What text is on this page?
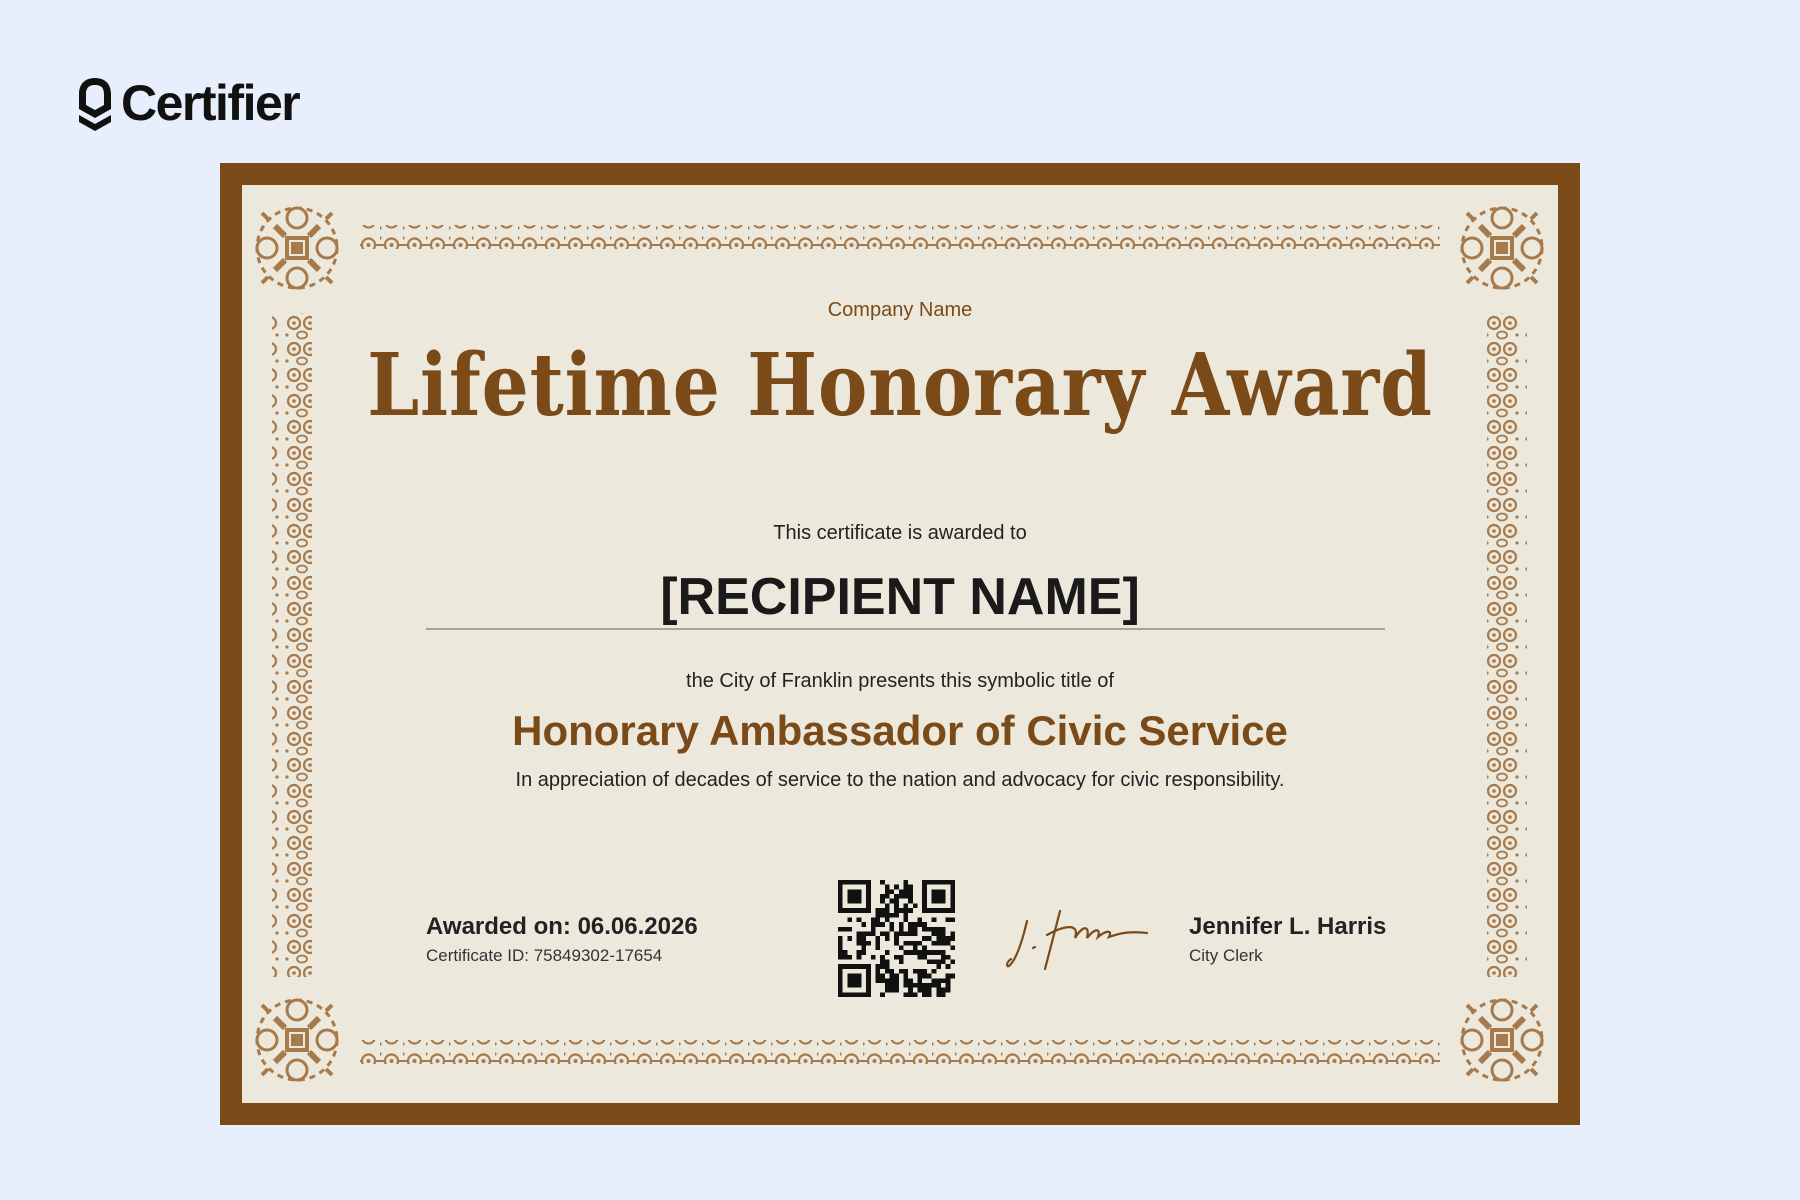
Certifier
Company Name
Lifetime Honorary Award
This certificate is awarded to
[RECIPIENT NAME]
the City of Franklin presents this symbolic title of
Honorary Ambassador of Civic Service
In appreciation of decades of service to the nation and advocacy for civic responsibility.
Awarded on: 06.06.2026
Certificate ID: 75849302-17654
Jennifer L. Harris
City Clerk
